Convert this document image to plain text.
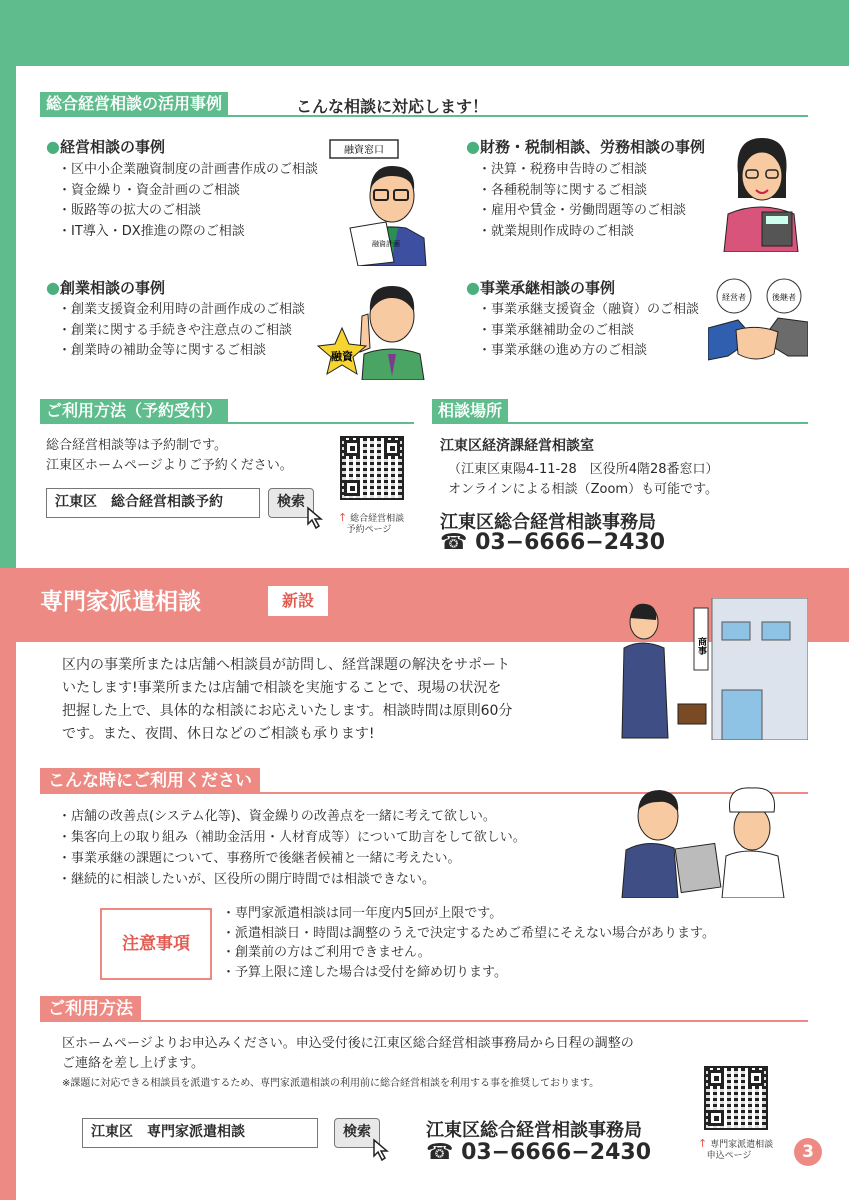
総合経営相談の活用事例	こんな相談に対応します！
●経営相談の事例
・ 区中小企業融資制度の計画書作成のご相談
・ 資金繰り・資金計画のご相談
・ 販路等の拡大のご相談
・ IT導入・DX推進の際のご相談
●財務・税制相談、労務相談の事例
・ 決算・税務申告時のご相談
・ 各種税制等に関するご相談
・ 雇用や賃金・労働問題等のご相談
・ 就業規則作成時のご相談
●創業相談の事例
・ 創業支援資金利用時の計画作成のご相談
・ 創業に関する手続きや注意点のご相談
・ 創業時の補助金等に関するご相談
●事業承継相談の事例
・ 事業承継支援資金（融資）のご相談
・ 事業承継補助金のご相談
・ 事業承継の進め方のご相談
融資窓口
融資計画
融資
経営者	後継者
ご利用方法（予約受付）
総合経営相談等は予約制です。
江東区ホームページよりご予約ください。
江東区　総合経営相談予約	検索
↑ 総合経営相談
予約ページ
相談場所
江東区経済課経営相談室
（江東区東陽4-11-28　区役所4階28番窓口）
オンラインによる相談（Zoom）も可能です。
江東区総合経営相談事務局
☎ 03−6666−2430
専門家派遣相談	新設
区内の事業所または店舗へ相談員が訪問し、経営課題の解決をサポート
いたします!事業所または店舗で相談を実施することで、現場の状況を
把握した上で、具体的な相談にお応えいたします。相談時間は原則60分
です。また、夜間、休日などのご相談も承ります!
商事
こんな時にご利用ください
・ 店舗の改善点(システム化等)、資金繰りの改善点を一緒に考えて欲しい。
・ 集客向上の取り組み（補助金活用・人材育成等）について助言をして欲しい。
・ 事業承継の課題について、事務所で後継者候補と一緒に考えたい。
・ 継続的に相談したいが、区役所の開庁時間では相談できない。
注意事項
・ 専門家派遣相談は同一年度内5回が上限です。
・ 派遣相談日・時間は調整のうえで決定するためご希望にそえない場合があります。
・ 創業前の方はご利用できません。
・ 予算上限に達した場合は受付を締め切ります。
ご利用方法
区ホームページよりお申込みください。申込受付後に江東区総合経営相談事務局から日程の調整の
ご連絡を差し上げます。
※課題に対応できる相談員を派遣するため、専門家派遣相談の利用前に総合経営相談を利用する事を推奨しております。
江東区　専門家派遣相談	検索	江東区総合経営相談事務局
☎ 03−6666−2430	↑ 専門家派遣相談
申込ページ	3
